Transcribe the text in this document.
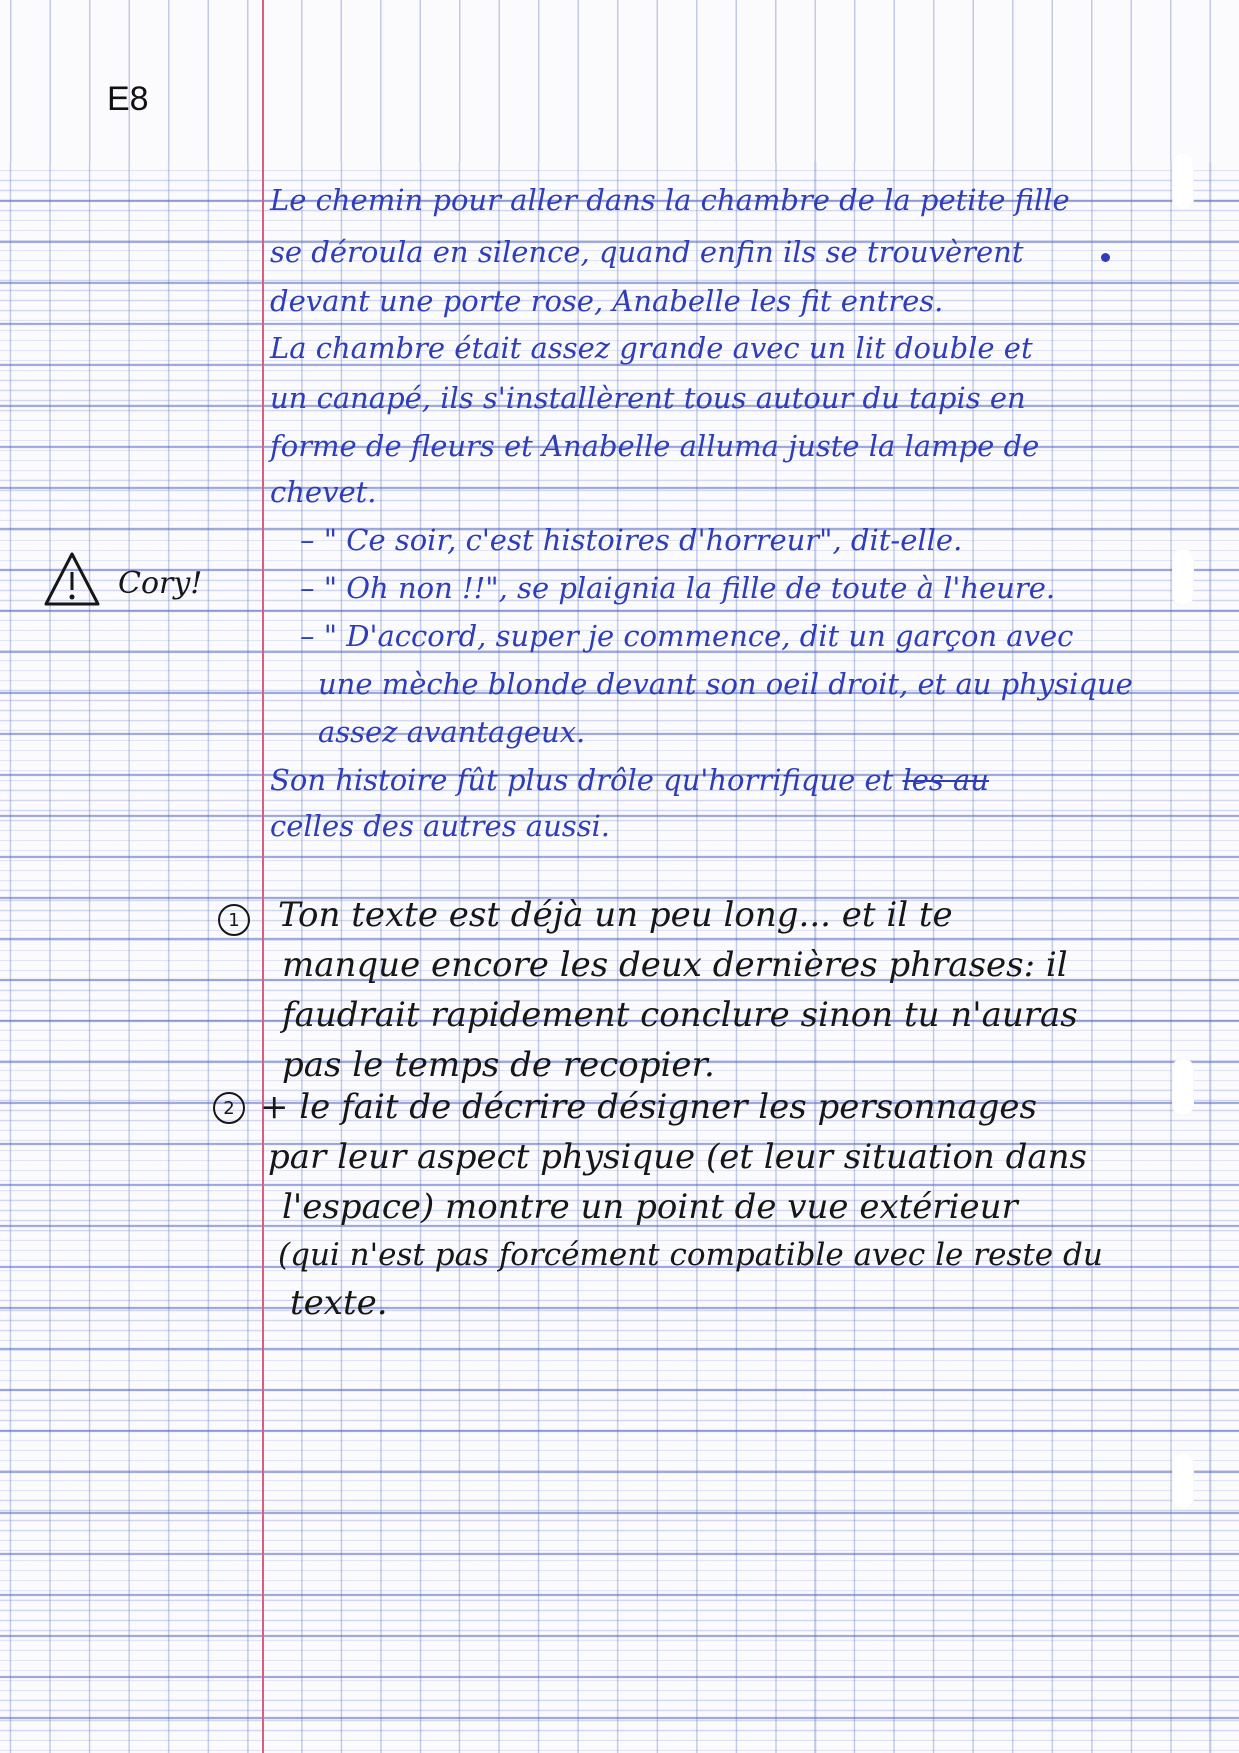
E8
Le chemin pour aller dans la chambre de la petite fille
se déroula en silence, quand enfin ils se trouvèrent
devant une porte rose, Anabelle les fit entres.
La chambre était assez grande avec un lit double et
un canapé, ils s'installèrent tous autour du tapis en
forme de fleurs et Anabelle alluma juste la lampe de
chevet.
– " Ce soir, c'est histoires d'horreur", dit-elle.
– " Oh non !!", se plaignia la fille de toute à l'heure.
– " D'accord, super je commence, dit un garçon avec
une mèche blonde devant son oeil droit, et au physique
assez avantageux.
Son histoire fût plus drôle qu'horrifique et les au
celles des autres aussi.
Cory!
1	Ton texte est déjà un peu long... et il te
manque encore les deux dernières phrases: il
faudrait rapidement conclure sinon tu n'auras
pas le temps de recopier.
2 + le fait de décrire désigner les personnages
par leur aspect physique (et leur situation dans
l'espace) montre un point de vue extérieur
(qui n'est pas forcément compatible avec le reste du
texte.
